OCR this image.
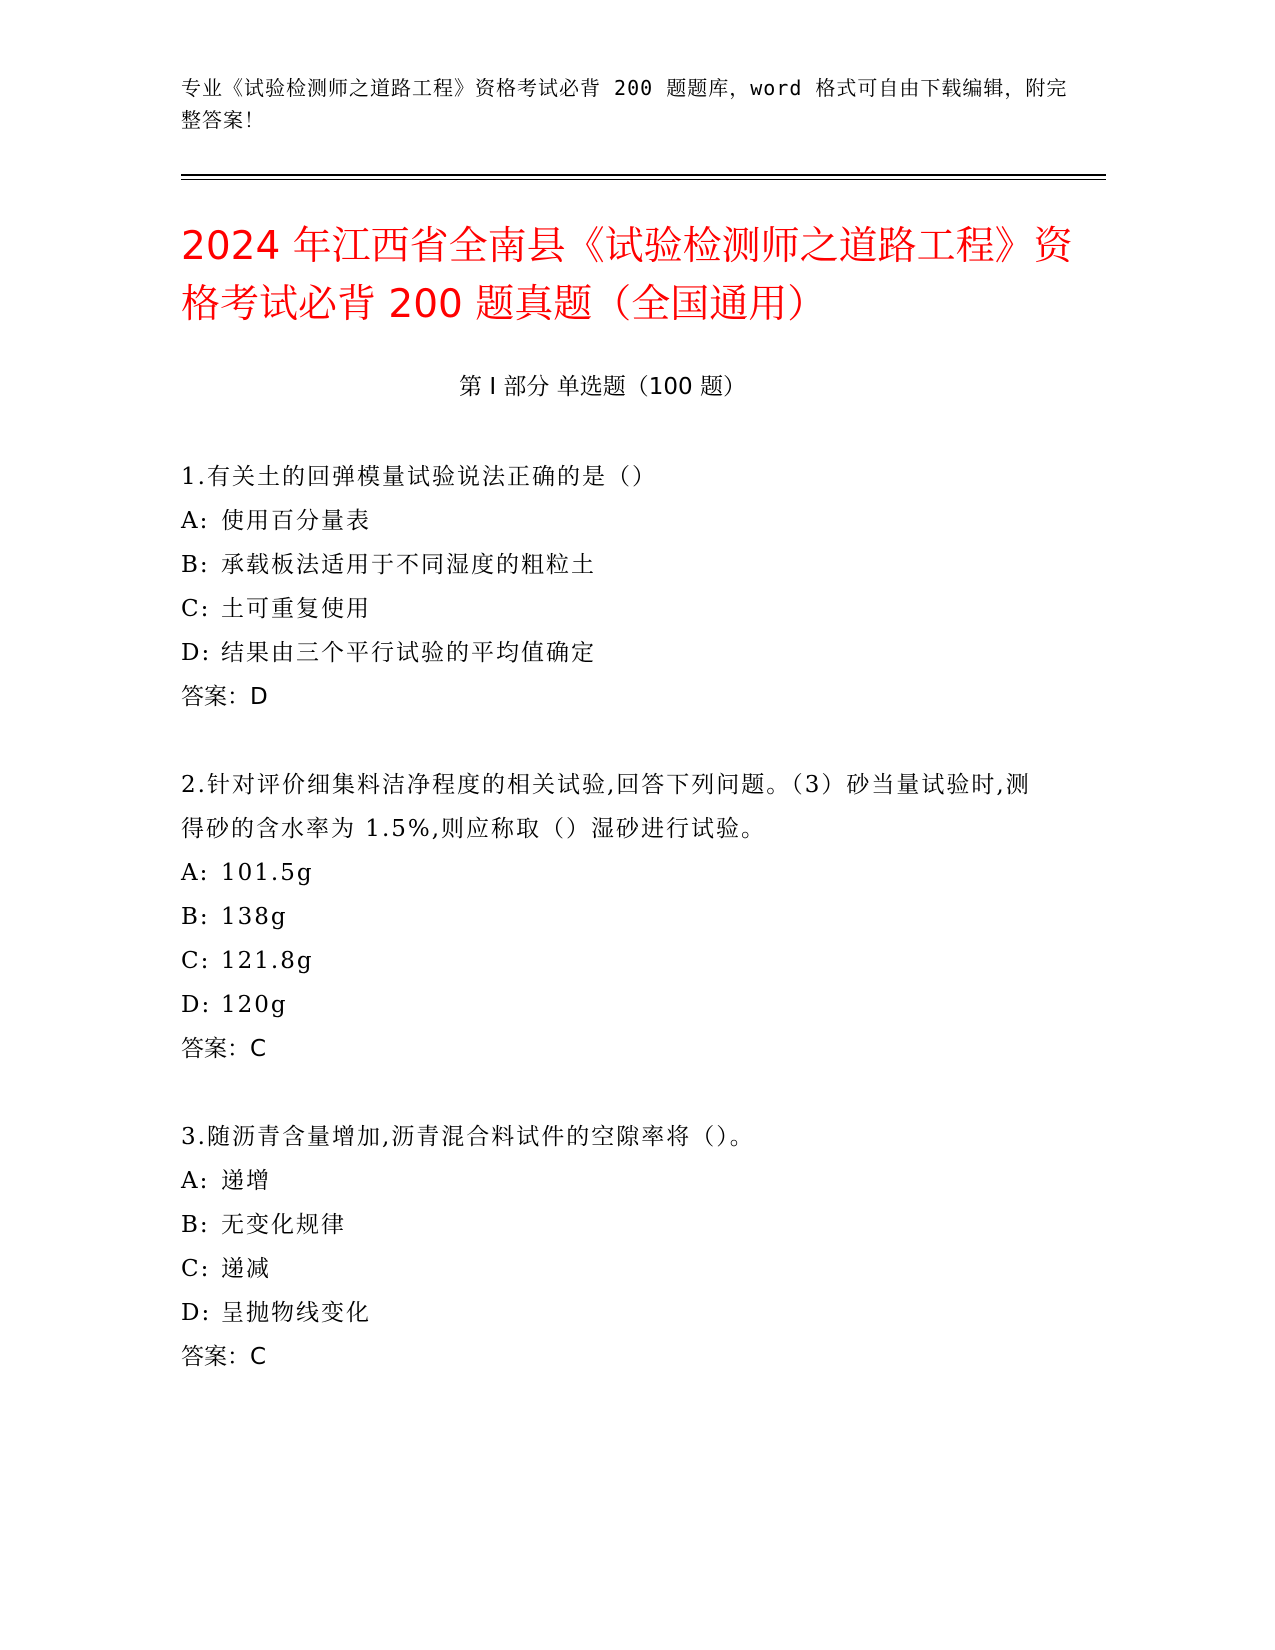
专业《试验检测师之道路工程》资格考试必背 200 题题库，word 格式可自由下载编辑，附完整答案！
2024 年江西省全南县《试验检测师之道路工程》资格考试必背 200 题真题（全国通用）
第 I 部分 单选题（100 题）

1.有关土的回弹模量试验说法正确的是（）

A: 使用百分量表

B: 承载板法适用于不同湿度的粗粒土

C: 土可重复使用

D: 结果由三个平行试验的平均值确定

答案：D

2.针对评价细集料洁净程度的相关试验,回答下列问题。（3）砂当量试验时,测得砂的含水率为 1.5%,则应称取（）湿砂进行试验。

A: 101.5g

B: 138g

C: 121.8g

D: 120g

答案：C

3.随沥青含量增加,沥青混合料试件的空隙率将（）。

A: 递增

B: 无变化规律

C: 递减

D: 呈抛物线变化

答案：C
